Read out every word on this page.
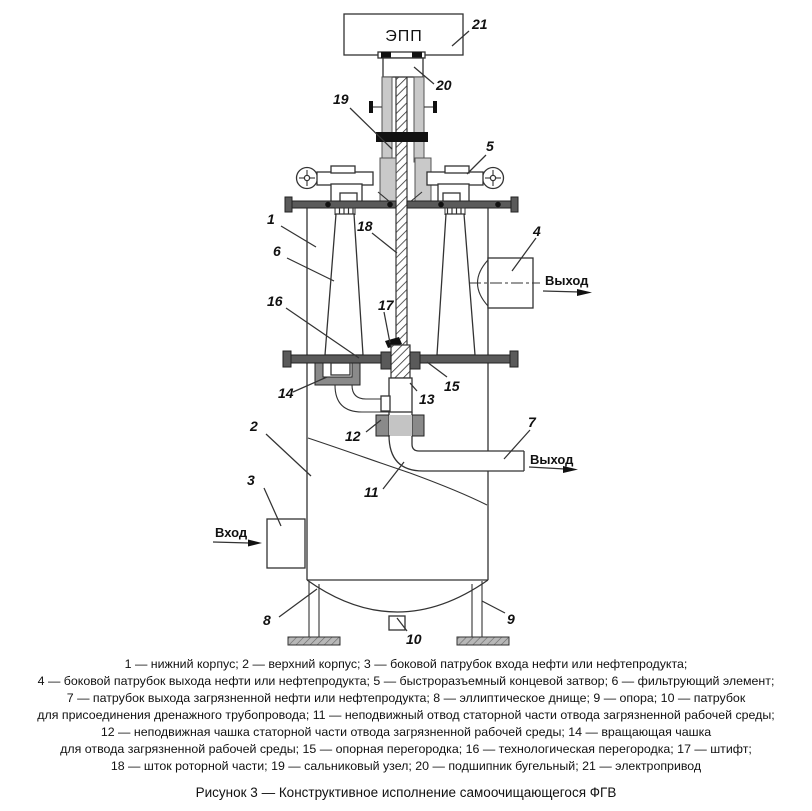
ЭПП
Выход
Выход
Вход
21
20
19
5
1	18
6
4
16	17
15
13
14
12
2	7
11
3
8	9
10
1 — нижний корпус; 2 — верхний корпус; 3 — боковой патрубок входа нефти или нефтепродукта;
4 — боковой патрубок выхода нефти или нефтепродукта; 5 — быстроразъемный концевой затвор; 6 — фильтрующий элемент;
7 — патрубок выхода загрязненной нефти или нефтепродукта; 8 — эллиптическое днище; 9 — опора; 10 — патрубок
для присоединения дренажного трубопровода; 11 — неподвижный отвод статорной части отвода загрязненной рабочей среды;
12 — неподвижная чашка статорной части отвода загрязненной рабочей среды; 14 — вращающая чашка
для отвода загрязненной рабочей среды; 15 — опорная перегородка; 16 — технологическая перегородка; 17 — штифт;
18 — шток роторной части; 19 — сальниковый узел; 20 — подшипник бугельный; 21 — электропривод
Рисунок 3 — Конструктивное исполнение самоочищающегося ФГВ
